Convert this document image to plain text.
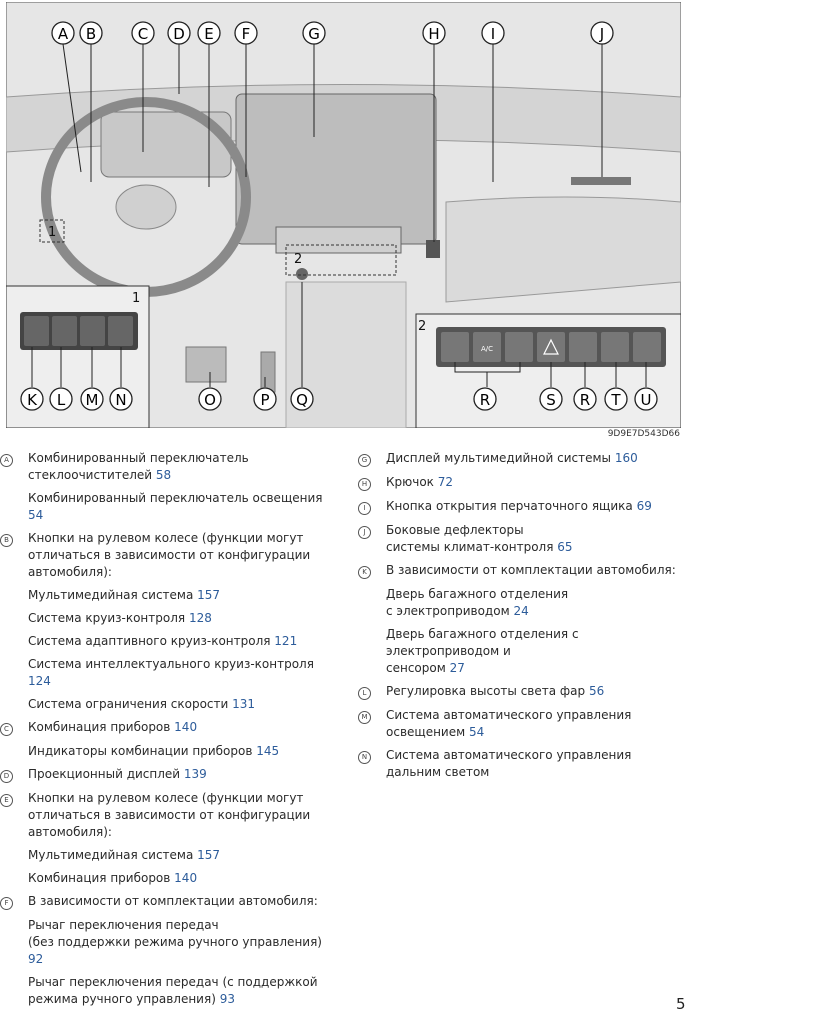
A/C
1
2
1
2
A B	C D E F	G	H	I	J
K L M N	O	P Q	R	S R T U
9D9E7D543D66
A	Комбинированный переключатель
стеклоочистителей 58
Комбинированный переключатель освещения 54
B	Кнопки на рулевом колесе (функции могут
отличаться в зависимости от конфигурации
автомобиля):
Мультимедийная система 157
Система круиз-контроля 128
Система адаптивного круиз-контроля 121
Система интеллектуального круиз-контроля 124
Система ограничения скорости 131
C	Комбинация приборов 140
Индикаторы комбинации приборов 145
D	Проекционный дисплей 139
E	Кнопки на рулевом колесе (функции могут
отличаться в зависимости от конфигурации
автомобиля):
Мультимедийная система 157
Комбинация приборов 140
F	В зависимости от комплектации автомобиля:
Рычаг переключения передач
(без поддержки режима ручного управления) 92
Рычаг переключения передач (с поддержкой
режима ручного управления) 93
G	Дисплей мультимедийной системы 160
H	Крючок 72
I	Кнопка открытия перчаточного ящика 69
J	Боковые дефлекторы
системы климат-контроля 65
K	В зависимости от комплектации автомобиля:
Дверь багажного отделения
с электроприводом 24
Дверь багажного отделения с электроприводом и
сенсором 27
L	Регулировка высоты света фар 56
M	Система автоматического управления освещением 54
N	Система автоматического управления
дальним светом
5
